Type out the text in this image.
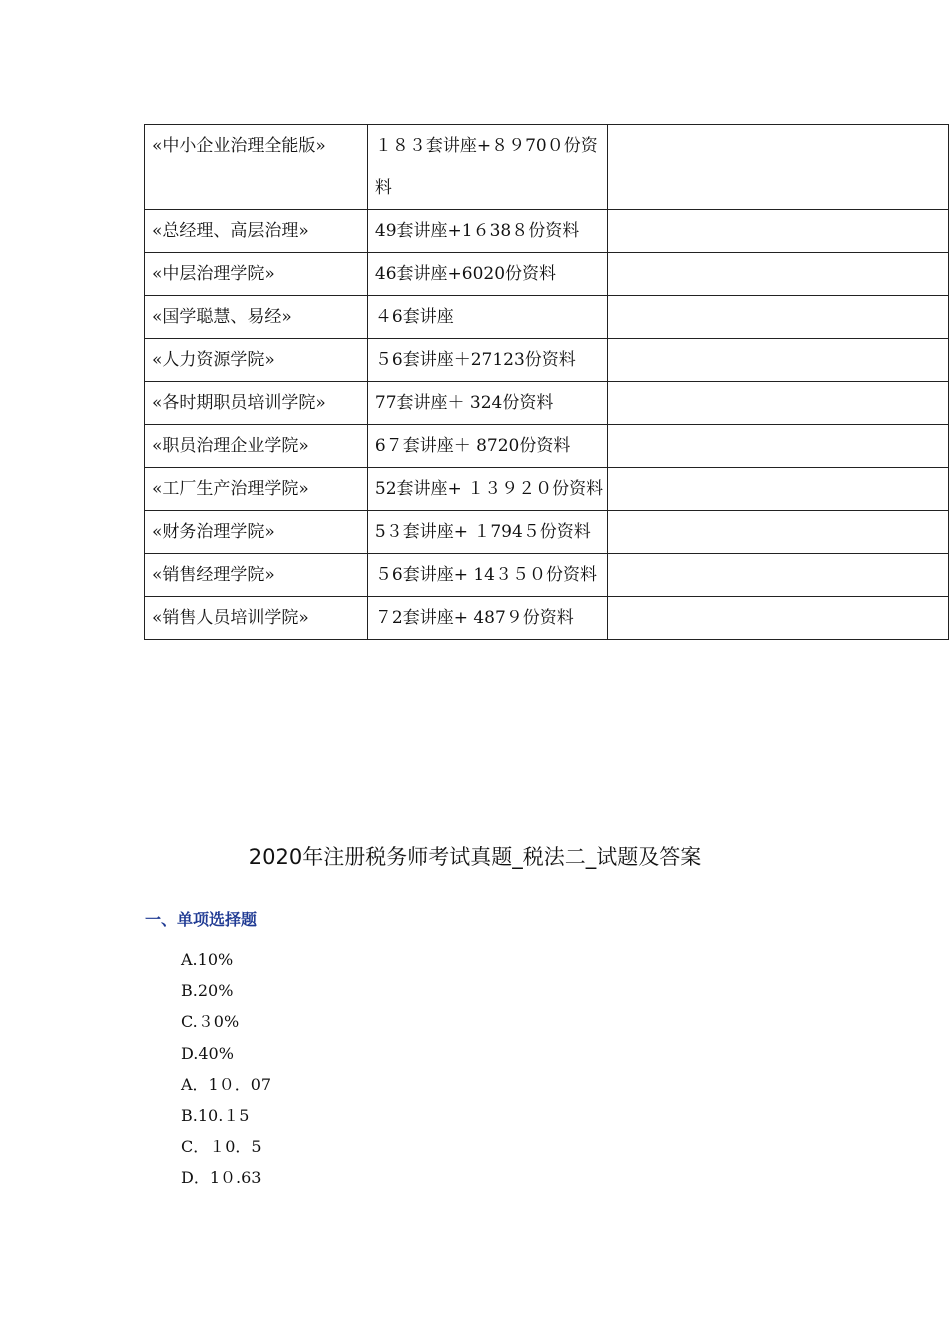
«中小企业治理全能版»	１８３套讲座+８９70０份资料	
«总经理、高层治理»	49套讲座+1６38８份资料	
«中层治理学院»	46套讲座+6020份资料	
«国学聪慧、易经»	４6套讲座	
«人力资源学院»	５6套讲座＋27123份资料	
«各时期职员培训学院»	77套讲座＋ 324份资料	
«职员治理企业学院»	6７套讲座＋ 8720份资料	
«工厂生产治理学院»	52套讲座+ １３９２０份资料	
«财务治理学院»	5３套讲座+ １794５份资料	
«销售经理学院»	５6套讲座+ 14３５０份资料	
«销售人员培训学院»	７2套讲座+ 487９份资料	
2020年注册税务师考试真题_税法二_试题及答案
一、单项选择题
A.10%
B.20%
C.３0%
D.40%
A．1０．07
B.10.１5
C．１0．5
D．1０.63
